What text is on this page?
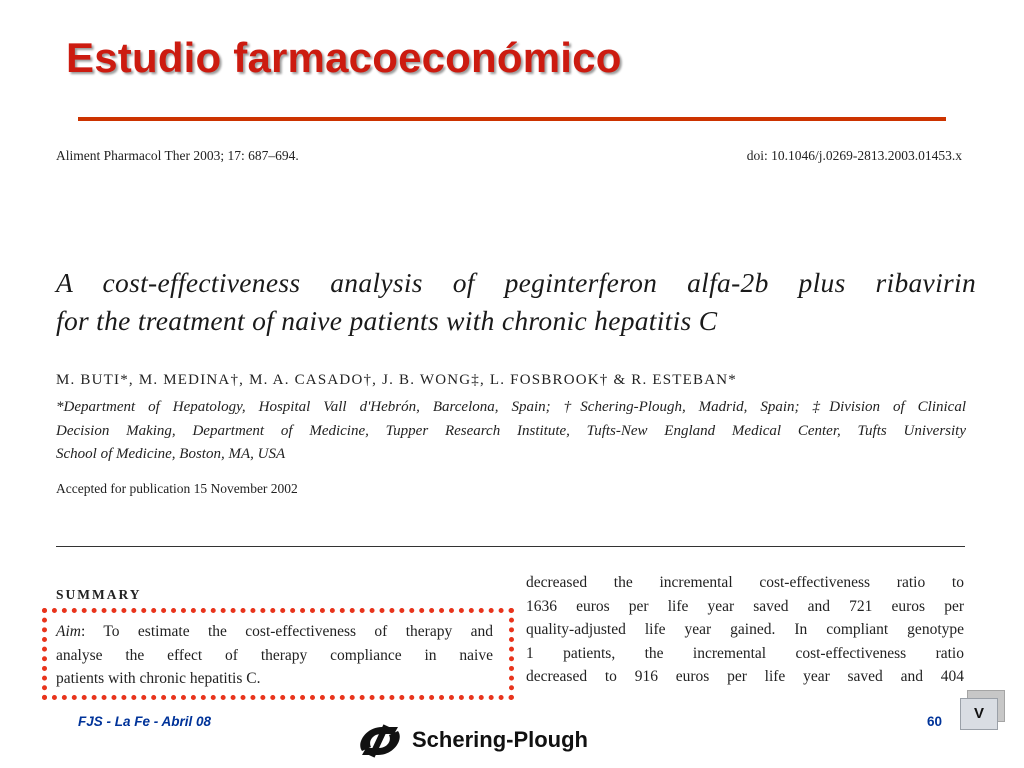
Estudio farmacoeconómico
Aliment Pharmacol Ther 2003; 17: 687–694.	doi: 10.1046/j.0269-2813.2003.01453.x
A cost-effectiveness analysis of peginterferon alfa-2b plus ribavirin
for the treatment of naive patients with chronic hepatitis C
M. BUTI*, M. MEDINA†, M. A. CASADO†, J. B. WONG‡, L. FOSBROOK† & R. ESTEBAN*
*Department of Hepatology, Hospital Vall d'Hebrón, Barcelona, Spain; †Schering-Plough, Madrid, Spain; ‡Division of Clinical
Decision Making, Department of Medicine, Tupper Research Institute, Tufts-New England Medical Center, Tufts University
School of Medicine, Boston, MA, USA
Accepted for publication 15 November 2002
SUMMARY
Aim: To estimate the cost-effectiveness of therapy and
analyse the effect of therapy compliance in naive
patients with chronic hepatitis C.
decreased the incremental cost-effectiveness ratio to
1636 euros per life year saved and 721 euros per
quality-adjusted life year gained. In compliant genotype
1 patients, the incremental cost-effectiveness ratio
decreased to 916 euros per life year saved and 404
FJS - La Fe - Abril 08	60
Schering-Plough
V
